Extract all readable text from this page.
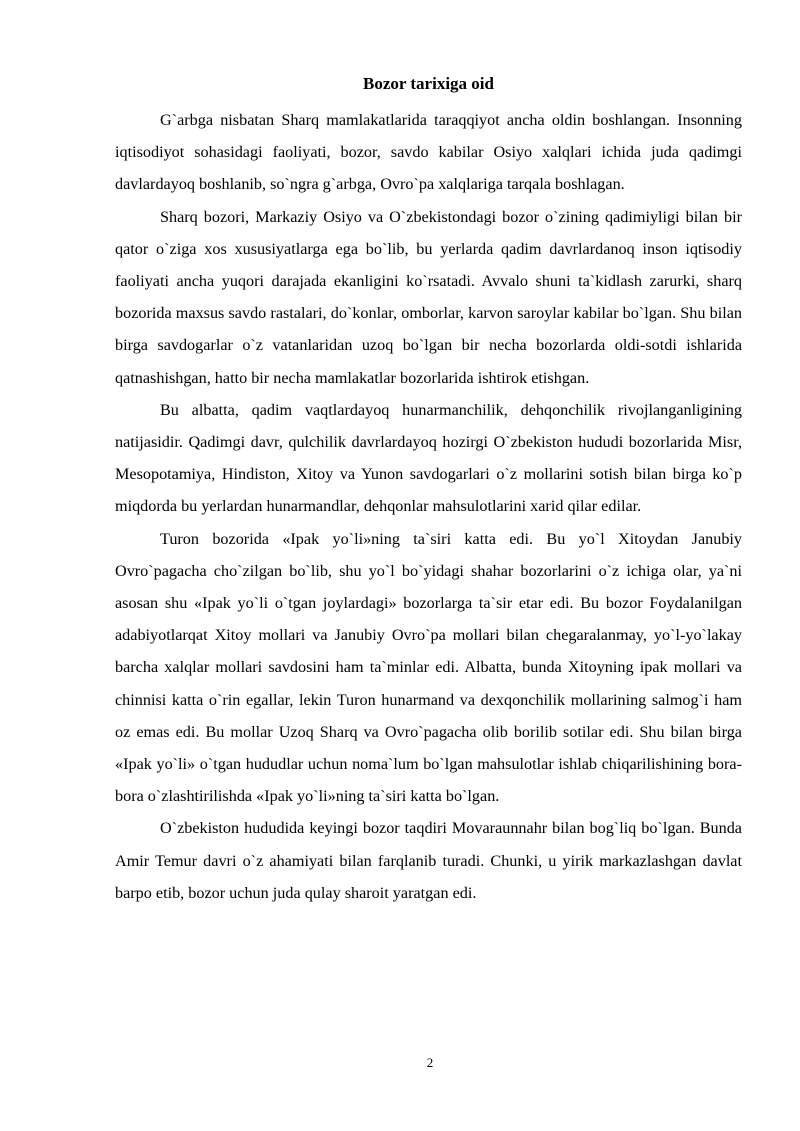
Bozor tarixiga oid

G`arbga nisbatan Sharq mamlakatlarida taraqqiyot ancha oldin boshlangan. Insonning iqtisodiyot sohasidagi faoliyati, bozor, savdo kabilar Osiyo xalqlari ichida juda qadimgi davlardayoq boshlanib, so`ngra g`arbga, Ovro`pa xalqlariga tarqala boshlagan.

Sharq bozori, Markaziy Osiyo va O`zbekistondagi bozor o`zining qadimiyligi bilan bir qator o`ziga xos xususiyatlarga ega bo`lib, bu yerlarda qadim davrlardanoq inson iqtisodiy faoliyati ancha yuqori darajada ekanligini ko`rsatadi. Avvalo shuni ta`kidlash zarurki, sharq bozorida maxsus savdo rastalari, do`konlar, omborlar, karvon saroylar kabilar bo`lgan. Shu bilan birga savdogarlar o`z vatanlaridan uzoq bo`lgan bir necha bozorlarda oldi-sotdi ishlarida qatnashishgan, hatto bir necha mamlakatlar bozorlarida ishtirok etishgan.

Bu albatta, qadim vaqtlardayoq hunarmanchilik, dehqonchilik rivojlanganligining natijasidir. Qadimgi davr, qulchilik davrlardayoq hozirgi O`zbekiston hududi bozorlarida Misr, Mesopotamiya, Hindiston, Xitoy va Yunon savdogarlari o`z mollarini sotish bilan birga ko`p miqdorda bu yerlardan hunarmandlar, dehqonlar mahsulotlarini xarid qilar edilar.

Turon bozorida «Ipak yo`li»ning ta`siri katta edi. Bu yo`l Xitoydan Janubiy Ovro`pagacha cho`zilgan bo`lib, shu yo`l bo`yidagi shahar bozorlarini o`z ichiga olar, ya`ni asosan shu «Ipak yo`li o`tgan joylardagi» bozorlarga ta`sir etar edi. Bu bozor Foydalanilgan adabiyotlarqat Xitoy mollari va Janubiy Ovro`pa mollari bilan chegaralanmay, yo`l-yo`lakay barcha xalqlar mollari savdosini ham ta`minlar edi. Albatta, bunda Xitoyning ipak mollari va chinnisi katta o`rin egallar, lekin Turon hunarmand va dexqonchilik mollarining salmog`i ham oz emas edi. Bu mollar Uzoq Sharq va Ovro`pagacha olib borilib sotilar edi. Shu bilan birga «Ipak yo`li» o`tgan hududlar uchun noma`lum bo`lgan mahsulotlar ishlab chiqarilishining bora-bora o`zlashtirilishda «Ipak yo`li»ning ta`siri katta bo`lgan.

O`zbekiston hududida keyingi bozor taqdiri Movaraunnahr bilan bog`liq bo`lgan. Bunda Amir Temur davri o`z ahamiyati bilan farqlanib turadi. Chunki, u yirik markazlashgan davlat barpo etib, bozor uchun juda qulay sharoit yaratgan edi.

2
